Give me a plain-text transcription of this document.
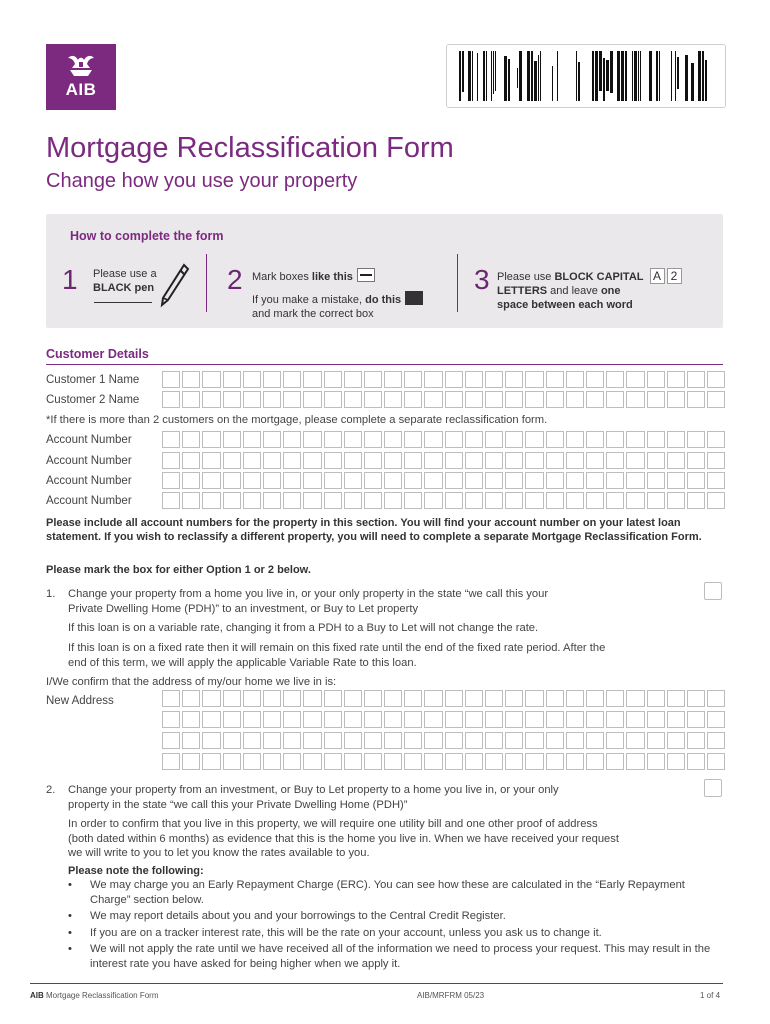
AIB
Mortgage Reclassification Form
Change how you use your property
How to complete the form
1 Please use a
BLACK pen	2 Mark boxes like this
If you make a mistake, do this
and mark the correct box
3 Please use BLOCK CAPITAL A 2
LETTERS and leave one
space between each word
Customer Details
Customer 1 Name
Customer 2 Name
*If there is more than 2 customers on the mortgage, please complete a separate reclassification form.
Account Number
Account Number
Account Number
Account Number
Please include all account numbers for the property in this section. You will find your account number on your latest loan statement. If you wish to reclassify a different property, you will need to complete a separate Mortgage Reclassification Form.
Please mark the box for either Option 1 or 2 below.
1. Change your property from a home you live in, or your only property in the state “we call this your
Private Dwelling Home (PDH)” to an investment, or Buy to Let property
If this loan is on a variable rate, changing it from a PDH to a Buy to Let will not change the rate.
If this loan is on a fixed rate then it will remain on this fixed rate until the end of the fixed rate period. After the
end of this term, we will apply the applicable Variable Rate to this loan.
I/We confirm that the address of my/our home we live in is:
New Address
2. Change your property from an investment, or Buy to Let property to a home you live in, or your only
property in the state “we call this your Private Dwelling Home (PDH)”
In order to confirm that you live in this property, we will require one utility bill and one other proof of address
(both dated within 6 months) as evidence that this is the home you live in. When we have received your request
we will write to you to let you know the rates available to you.
Please note the following:
• We may charge you an Early Repayment Charge (ERC). You can see how these are calculated in the “Early Repayment Charge” section below.
• We may report details about you and your borrowings to the Central Credit Register.
• If you are on a tracker interest rate, this will be the rate on your account, unless you ask us to change it.
• We will not apply the rate until we have received all of the information we need to process your request. This may result in the interest rate you have asked for being higher when we apply it.
AIB Mortgage Reclassification Form	AIB/MRFRM 05/23	1 of 4
